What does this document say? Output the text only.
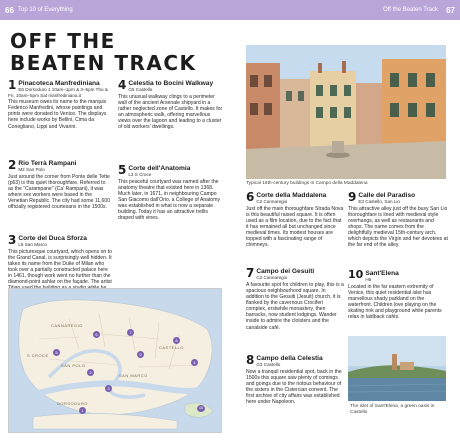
66 Top 10 of Everything
OFF THE
BEATEN TRACK
1 Pinacoteca Manfrediniana
E6 Dorsoduro 1 10am–1pm & 3–5pm Thu & Fri, 10am–5pm Sat manfrediniana.it
This museum owes its name to the marquis Federico Manfredini, whose paintings and prints were donated to Venice. The displays here include works by Bellini, Cima da Conegliano, Lippi and Vivarini.
2 Rio Terrà Rampani
M2 San Polo
Just around the corner from Ponte delle Tette (p63) is this quiet thoroughfare. Referred to as the "Carampane" (Ca' Rampani), it was where sex workers were based in the Venetian Republic. The city had some 11,600 officially registered courtesans in the 1500s.
3 Corte del Duca Sforza
L6 San Marco
This picturesque courtyard, which opens on to the Grand Canal, is surprisingly well hidden. It takes its name from the Duke of Milan who took over a partially constructed palace here in 1461, though work went no further than the diamond-point ashlar on the façade. The artist
4 Celestia to Bocini Walkway
G5 Castello
This unusual walkway clings to a perimeter wall of the ancient Arsenale shipyard in a rather neglected zone of Castello. It makes for an atmospheric walk, offering marvellous views over the lagoon and leading to a cluster of old workers' dwellings.
5 Corte dell'Anatomia
L3 S Croce
This peaceful courtyard was named after the anatomy theatre that existed here in 1368. Much later, in 1671, in neighbouring Campo San Giacomo dall'Orio, a College of Anatomy was established in what is now a separate building. Today it has an attractive trellis draped with vines.
CANNAREGIO
CASTELLO
SAN POLO
S CROCE
SAN MARCO
DORSODURO
1
2
3
4
5
6	7
8
9
10
Off the Beaten Track 67
Typical 16th-century buildings in Campo della Maddalena
6 Corte della Maddalena
C2 Cannaregio
Just off the main thoroughfare Strada Nova is this beautiful raised square. It is often used as a film location, due to the fact that it has remained all but unchanged since medieval times. Its modest houses are topped with a fascinating range of chimneys.
7 Campo dei Gesuiti
C2 Cannaregio
A favourite spot for children to play, this is a spacious neighbourhood square. In addition to the Gesuiti (Jesuit) church, it is flanked by the cavernous Crociferi complex, erstwhile monastery, then barracks, now student lodgings. Wander inside to admire the cloisters and the canalside café.
8 Campo della Celestia
G3 Castello
Now a tranquil residential spot, back in the 1500s this square saw plenty of comings and goings due to the riotous behaviour of the sisters in the Cistercian convent. The first archive of city affairs was established here under Napoleon.
9 Calle del Paradiso
E3 Castello, San Lio
This attractive alley just off the busy San Lio thoroughfare is lined with medieval style overhangs, as well as restaurants and shops. The name comes from the delightfully medieval 15th-century arch, which depicts the Virgin and her devotees at the far end of the alley.
10 Sant'Elena
H6
Located in the far eastern extremity of Venice, this quiet residential islet has marvellous shady parkland on the waterfront. Children love playing on the skating rink and playground while parents relax in laidback cafés.
The islet of Sant'Elena, a green oasis in Castello
